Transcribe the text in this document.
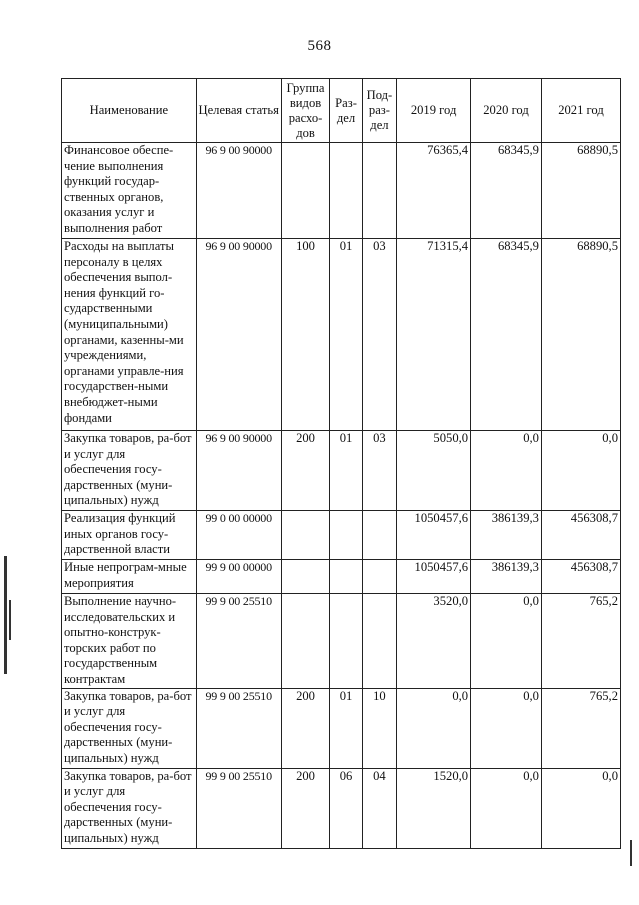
568
Наименование	Целевая статья	Группа видов расхо-дов	Раз-дел	Под-раз-дел	2019 год	2020 год	2021 год
Финансовое обеспе-чение выполнения функций государ-ственных органов, оказания услуг и выполнения работ	96 9 00 90000				76365,4	68345,9	68890,5
Расходы на выплаты персоналу в целях обеспечения выпол-нения функций го-сударственными (муниципальными) органами, казенны-ми учреждениями, органами управле-ния государствен-ными внебюджет-ными фондами	96 9 00 90000	100	01	03	71315,4	68345,9	68890,5
Закупка товаров, ра-бот и услуг для обеспечения госу-дарственных (муни-ципальных) нужд	96 9 00 90000	200	01	03	5050,0	0,0	0,0
Реализация функций иных органов госу-дарственной власти	99 0 00 00000				1050457,6	386139,3	456308,7
Иные непрограм-мные мероприятия	99 9 00 00000				1050457,6	386139,3	456308,7
Выполнение научно-исследовательских и опытно-конструк-торских работ по государственным контрактам	99 9 00 25510				3520,0	0,0	765,2
Закупка товаров, ра-бот и услуг для обеспечения госу-дарственных (муни-ципальных) нужд	99 9 00 25510	200	01	10	0,0	0,0	765,2
Закупка товаров, ра-бот и услуг для обеспечения госу-дарственных (муни-ципальных) нужд	99 9 00 25510	200	06	04	1520,0	0,0	0,0
